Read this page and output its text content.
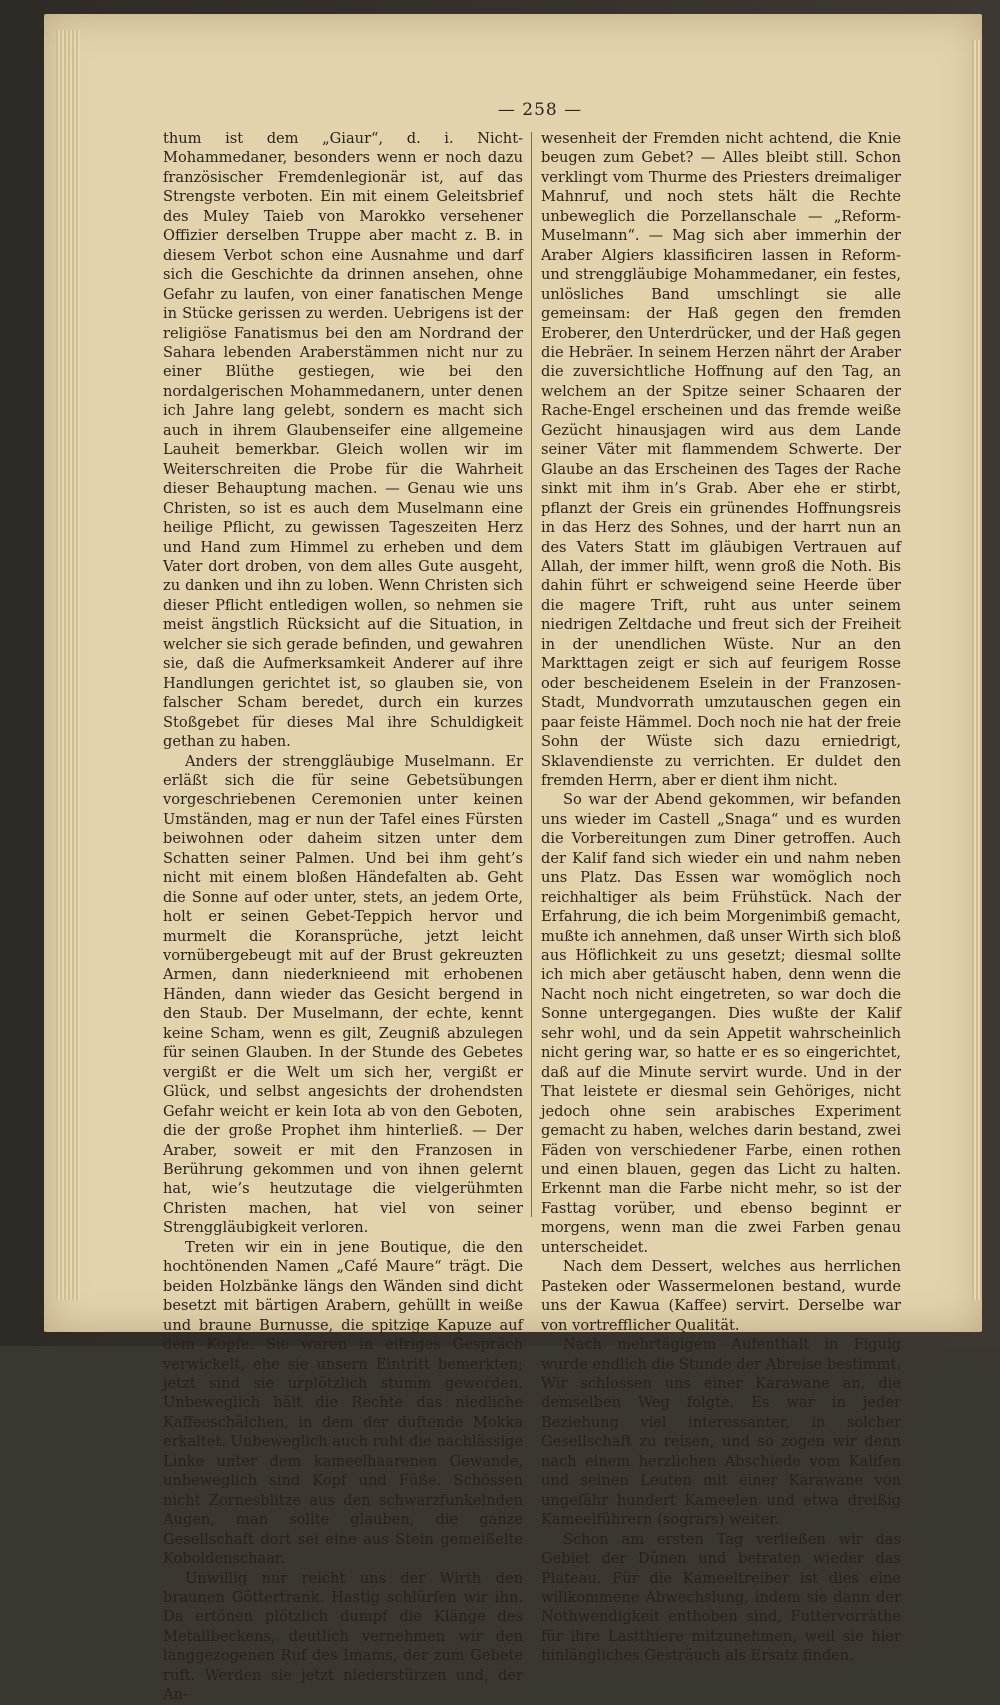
— 258 —

thum ist dem „Giaur“, d. i. Nicht-Mohammedaner, besonders wenn er noch dazu französischer Fremdenlegionär ist, auf das Strengste verboten. Ein mit einem Geleitsbrief des Muley Taieb von Marokko versehener Offizier derselben Truppe aber macht z. B. in diesem Verbot schon eine Ausnahme und darf sich die Geschichte da drinnen ansehen, ohne Gefahr zu laufen, von einer fanatischen Menge in Stücke gerissen zu werden. Uebrigens ist der religiöse Fanatismus bei den am Nordrand der Sahara lebenden Araberstämmen nicht nur zu einer Blüthe gestiegen, wie bei den nordalgerischen Mohammedanern, unter denen ich Jahre lang gelebt, sondern es macht sich auch in ihrem Glaubenseifer eine allgemeine Lauheit bemerkbar. Gleich wollen wir im Weiterschreiten die Probe für die Wahrheit dieser Behauptung machen. — Genau wie uns Christen, so ist es auch dem Muselmann eine heilige Pflicht, zu gewissen Tageszeiten Herz und Hand zum Himmel zu erheben und dem Vater dort droben, von dem alles Gute ausgeht, zu danken und ihn zu loben. Wenn Christen sich dieser Pflicht entledigen wollen, so nehmen sie meist ängstlich Rücksicht auf die Situation, in welcher sie sich gerade befinden, und gewahren sie, daß die Aufmerksamkeit Anderer auf ihre Handlungen gerichtet ist, so glauben sie, von falscher Scham beredet, durch ein kurzes Stoßgebet für dieses Mal ihre Schuldigkeit gethan zu haben.

Anders der strenggläubige Muselmann. Er erläßt sich die für seine Gebetsübungen vorgeschriebenen Ceremonien unter keinen Umständen, mag er nun der Tafel eines Fürsten beiwohnen oder daheim sitzen unter dem Schatten seiner Palmen. Und bei ihm geht’s nicht mit einem bloßen Händefalten ab. Geht die Sonne auf oder unter, stets, an jedem Orte, holt er seinen Gebet-Teppich hervor und murmelt die Koransprüche, jetzt leicht vornübergebeugt mit auf der Brust gekreuzten Armen, dann niederknieend mit erhobenen Händen, dann wieder das Gesicht bergend in den Staub. Der Muselmann, der echte, kennt keine Scham, wenn es gilt, Zeugniß abzulegen für seinen Glauben. In der Stunde des Gebetes vergißt er die Welt um sich her, vergißt er Glück, und selbst angesichts der drohendsten Gefahr weicht er kein Iota ab von den Geboten, die der große Prophet ihm hinterließ. — Der Araber, soweit er mit den Franzosen in Berührung gekommen und von ihnen gelernt hat, wie’s heutzutage die vielgerühmten Christen machen, hat viel von seiner Strenggläubigkeit verloren.

Treten wir ein in jene Boutique, die den hochtönenden Namen „Café Maure“ trägt. Die beiden Holzbänke längs den Wänden sind dicht besetzt mit bärtigen Arabern, gehüllt in weiße und braune Burnusse, die spitzige Kapuze auf dem Kopfe. Sie waren in eifriges Gespräch verwickelt, ehe sie unsern Eintritt bemerkten; jetzt sind sie urplötzlich stumm geworden. Unbeweglich hält die Rechte das niedliche Kaffeeschälchen, in dem der duftende Mokka erkaltet. Unbeweglich auch ruht die nachlässige Linke unter dem kameelhaarenen Gewande, unbeweglich sind Kopf und Füße. Schössen nicht Zornesblitze aus den schwarzfunkelnden Augen, man sollte glauben, die ganze Gesellschaft dort sei eine aus Stein gemeißelte Koboldenschaar.

Unwillig nur reicht uns der Wirth den braunen Göttertrank. Hastig schlürfen wir ihn. Da ertönen plötzlich dumpf die Klänge des Metallbeckens, deutlich vernehmen wir den langgezogenen Ruf des Imams, der zum Gebete ruft. Werden sie jetzt niederstürzen und, der An-

wesenheit der Fremden nicht achtend, die Knie beugen zum Gebet? — Alles bleibt still. Schon verklingt vom Thurme des Priesters dreimaliger Mahnruf, und noch stets hält die Rechte unbeweglich die Porzellanschale — „Reform-Muselmann“. — Mag sich aber immerhin der Araber Algiers klassificiren lassen in Reform- und strenggläubige Mohammedaner, ein festes, unlösliches Band umschlingt sie alle gemeinsam: der Haß gegen den fremden Eroberer, den Unterdrücker, und der Haß gegen die Hebräer. In seinem Herzen nährt der Araber die zuversichtliche Hoffnung auf den Tag, an welchem an der Spitze seiner Schaaren der Rache-Engel erscheinen und das fremde weiße Gezücht hinausjagen wird aus dem Lande seiner Väter mit flammendem Schwerte. Der Glaube an das Erscheinen des Tages der Rache sinkt mit ihm in’s Grab. Aber ehe er stirbt, pflanzt der Greis ein grünendes Hoffnungsreis in das Herz des Sohnes, und der harrt nun an des Vaters Statt im gläubigen Vertrauen auf Allah, der immer hilft, wenn groß die Noth. Bis dahin führt er schweigend seine Heerde über die magere Trift, ruht aus unter seinem niedrigen Zeltdache und freut sich der Freiheit in der unendlichen Wüste. Nur an den Markttagen zeigt er sich auf feurigem Rosse oder bescheidenem Eselein in der Franzosen-Stadt, Mundvorrath umzutauschen gegen ein paar feiste Hämmel. Doch noch nie hat der freie Sohn der Wüste sich dazu erniedrigt, Sklavendienste zu verrichten. Er duldet den fremden Herrn, aber er dient ihm nicht.

So war der Abend gekommen, wir befanden uns wieder im Castell „Snaga“ und es wurden die Vorbereitungen zum Diner getroffen. Auch der Kalif fand sich wieder ein und nahm neben uns Platz. Das Essen war womöglich noch reichhaltiger als beim Frühstück. Nach der Erfahrung, die ich beim Morgenimbiß gemacht, mußte ich annehmen, daß unser Wirth sich bloß aus Höflichkeit zu uns gesetzt; diesmal sollte ich mich aber getäuscht haben, denn wenn die Nacht noch nicht eingetreten, so war doch die Sonne untergegangen. Dies wußte der Kalif sehr wohl, und da sein Appetit wahrscheinlich nicht gering war, so hatte er es so eingerichtet, daß auf die Minute servirt wurde. Und in der That leistete er diesmal sein Gehöriges, nicht jedoch ohne sein arabisches Experiment gemacht zu haben, welches darin bestand, zwei Fäden von verschiedener Farbe, einen rothen und einen blauen, gegen das Licht zu halten. Erkennt man die Farbe nicht mehr, so ist der Fasttag vorüber, und ebenso beginnt er morgens, wenn man die zwei Farben genau unterscheidet.

Nach dem Dessert, welches aus herrlichen Pasteken oder Wassermelonen bestand, wurde uns der Kawua (Kaffee) servirt. Derselbe war von vortrefflicher Qualität.

Nach mehrtägigem Aufenthalt in Figuig wurde endlich die Stunde der Abreise bestimmt. Wir schlossen uns einer Karawane an, die demselben Weg folgte. Es war in jeder Beziehung viel interessanter, in solcher Gesellschaft zu reisen, und so zogen wir denn nach einem herzlichen Abschiede vom Kalifen und seinen Leuten mit einer Karawane von ungefähr hundert Kameelen und etwa dreißig Kameelführern (sogrars) weiter.

Schon am ersten Tag verließen wir das Gebiet der Dünen und betraten wieder das Plateau. Für die Kameeltreiber ist dies eine willkommene Abwechslung, indem sie dann der Nothwendigkeit enthoben sind, Futtervorräthe für ihre Lastthiere mitzunehmen, weil sie hier hinlängliches Gesträuch als Ersatz finden.
